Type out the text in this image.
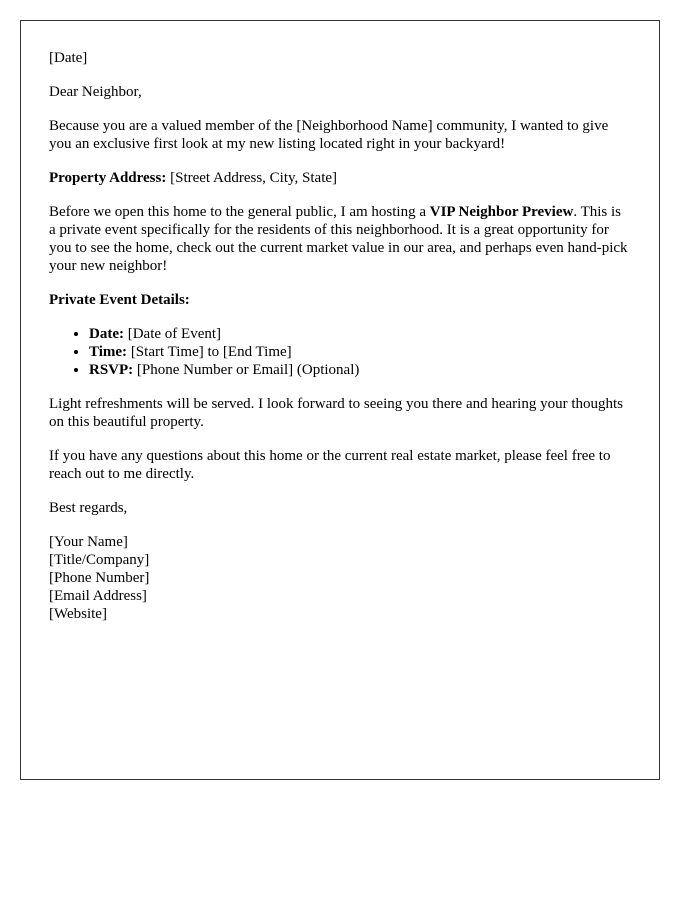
[Date]

Dear Neighbor,

Because you are a valued member of the [Neighborhood Name] community, I wanted to give you an exclusive first look at my new listing located right in your backyard!

Property Address: [Street Address, City, State]

Before we open this home to the general public, I am hosting a VIP Neighbor Preview. This is a private event specifically for the residents of this neighborhood. It is a great opportunity for you to see the home, check out the current market value in our area, and perhaps even hand-pick your new neighbor!

Private Event Details:

• Date: [Date of Event]
• Time: [Start Time] to [End Time]
• RSVP: [Phone Number or Email] (Optional)

Light refreshments will be served. I look forward to seeing you there and hearing your thoughts on this beautiful property.

If you have any questions about this home or the current real estate market, please feel free to reach out to me directly.

Best regards,

[Your Name]
[Title/Company]
[Phone Number]
[Email Address]
[Website]
